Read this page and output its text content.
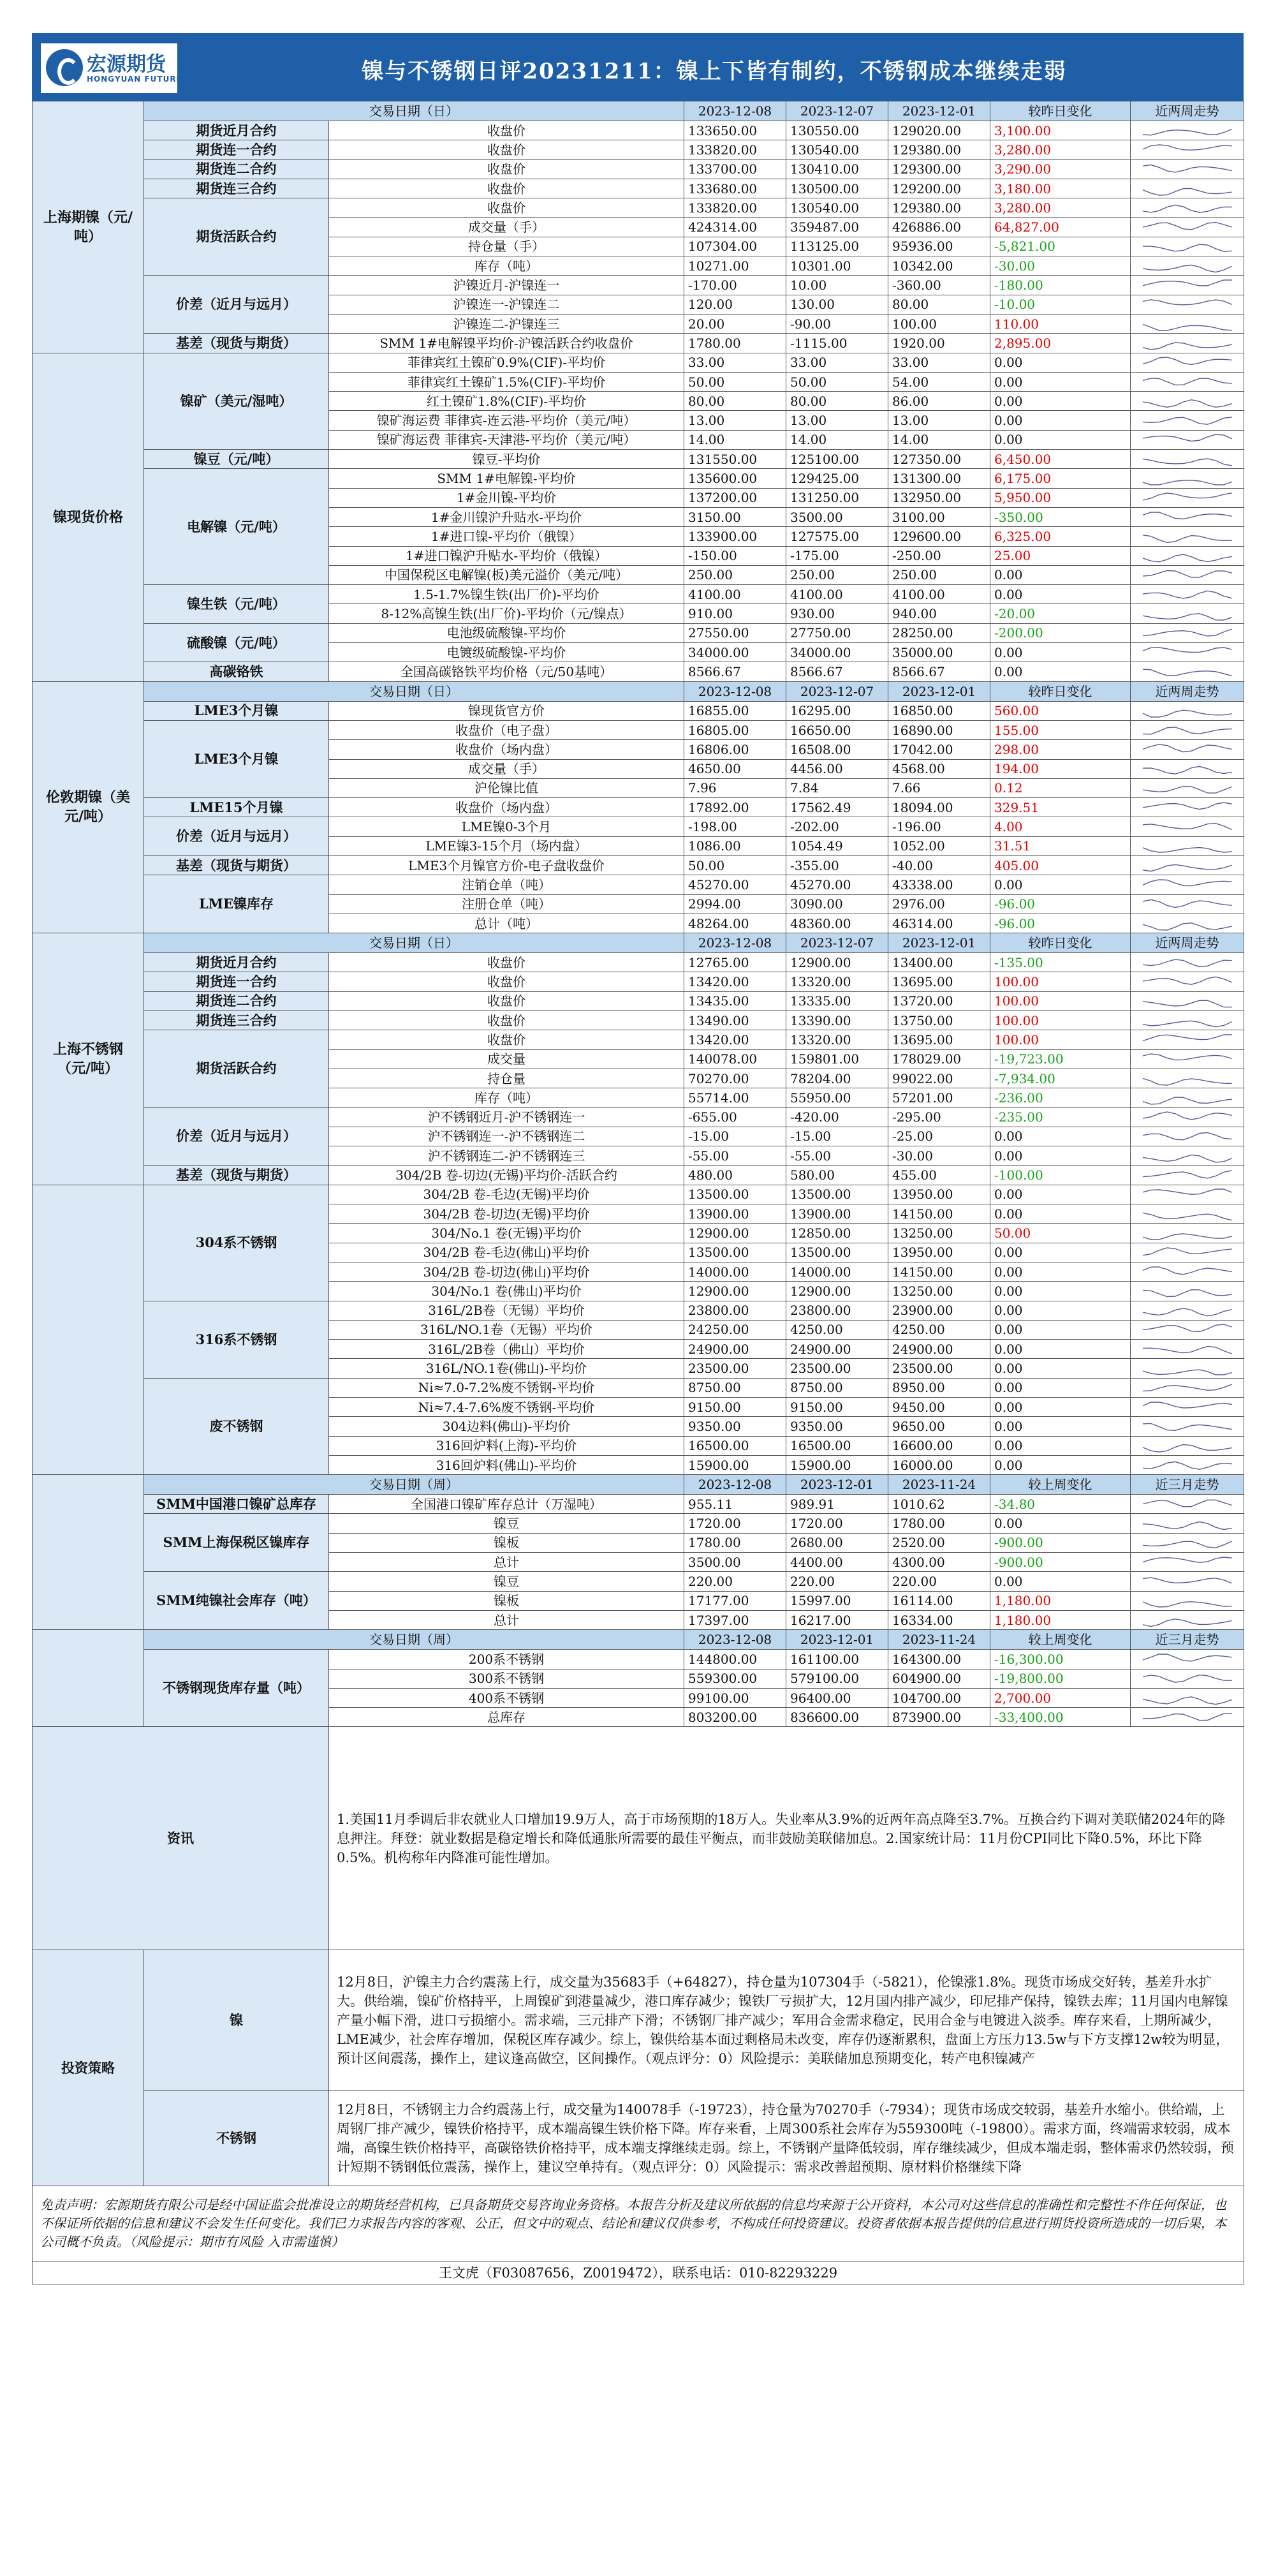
宏源期货
HONGYUAN FUTURES	镍与不锈钢日评20231211：镍上下皆有制约，不锈钢成本继续走弱
上海期镍（元/吨）	交易日期（日）		2023-12-08	2023-12-07	2023-12-01	较昨日变化	近两周走势
	期货近月合约	收盘价	133650.00	130550.00	129020.00	3,100.00	

	期货连一合约	收盘价	133820.00	130540.00	129380.00	3,280.00	

	期货连二合约	收盘价	133700.00	130410.00	129300.00	3,290.00	

	期货连三合约	收盘价	133680.00	130500.00	129200.00	3,180.00	

	期货活跃合约	收盘价	133820.00	130540.00	129380.00	3,280.00	

		成交量（手）	424314.00	359487.00	426886.00	64,827.00	

		持仓量（手）	107304.00	113125.00	95936.00	-5,821.00	

		库存（吨）	10271.00	10301.00	10342.00	-30.00	

	价差（近月与远月）	沪镍近月-沪镍连一	-170.00	10.00	-360.00	-180.00	

		沪镍连一-沪镍连二	120.00	130.00	80.00	-10.00	

		沪镍连二-沪镍连三	20.00	-90.00	100.00	110.00	

	基差（现货与期货）	SMM 1#电解镍平均价-沪镍活跃合约收盘价	1780.00	-1115.00	1920.00	2,895.00	

镍现货价格	镍矿（美元/湿吨）	菲律宾红土镍矿0.9%(CIF)-平均价	33.00	33.00	33.00	0.00	

		菲律宾红土镍矿1.5%(CIF)-平均价	50.00	50.00	54.00	0.00	

		红土镍矿1.8%(CIF)-平均价	80.00	80.00	86.00	0.00	

		镍矿海运费 菲律宾-连云港-平均价（美元/吨）	13.00	13.00	13.00	0.00	

		镍矿海运费 菲律宾-天津港-平均价（美元/吨）	14.00	14.00	14.00	0.00	

	镍豆（元/吨）	镍豆-平均价	131550.00	125100.00	127350.00	6,450.00	

	电解镍（元/吨）	SMM 1#电解镍-平均价	135600.00	129425.00	131300.00	6,175.00	

		1#金川镍-平均价	137200.00	131250.00	132950.00	5,950.00	

		1#金川镍沪升贴水-平均价	3150.00	3500.00	3100.00	-350.00	

		1#进口镍-平均价（俄镍）	133900.00	127575.00	129600.00	6,325.00	

		1#进口镍沪升贴水-平均价（俄镍）	-150.00	-175.00	-250.00	25.00	

		中国保税区电解镍(板)美元溢价（美元/吨）	250.00	250.00	250.00	0.00	

	镍生铁（元/吨）	1.5-1.7%镍生铁(出厂价)-平均价	4100.00	4100.00	4100.00	0.00	

		8-12%高镍生铁(出厂价)-平均价（元/镍点）	910.00	930.00	940.00	-20.00	

	硫酸镍（元/吨）	电池级硫酸镍-平均价	27550.00	27750.00	28250.00	-200.00	

		电镀级硫酸镍-平均价	34000.00	34000.00	35000.00	0.00	

	高碳铬铁	全国高碳铬铁平均价格（元/50基吨）	8566.67	8566.67	8566.67	0.00	

伦敦期镍（美元/吨）	交易日期（日）		2023-12-08	2023-12-07	2023-12-01	较昨日变化	近两周走势
	LME3个月镍	镍现货官方价	16855.00	16295.00	16850.00	560.00	

	LME3个月镍	收盘价（电子盘）	16805.00	16650.00	16890.00	155.00	

		收盘价（场内盘）	16806.00	16508.00	17042.00	298.00	

		成交量（手）	4650.00	4456.00	4568.00	194.00	

		沪伦镍比值	7.96	7.84	7.66	0.12	

	LME15个月镍	收盘价（场内盘）	17892.00	17562.49	18094.00	329.51	

	价差（近月与远月）	LME镍0-3个月	-198.00	-202.00	-196.00	4.00	

		LME镍3-15个月（场内盘）	1086.00	1054.49	1052.00	31.51	

	基差（现货与期货）	LME3个月镍官方价-电子盘收盘价	50.00	-355.00	-40.00	405.00	

	LME镍库存	注销仓单（吨）	45270.00	45270.00	43338.00	0.00	

		注册仓单（吨）	2994.00	3090.00	2976.00	-96.00	

		总计（吨）	48264.00	48360.00	46314.00	-96.00	

上海不锈钢（元/吨）	交易日期（日）		2023-12-08	2023-12-07	2023-12-01	较昨日变化	近两周走势
	期货近月合约	收盘价	12765.00	12900.00	13400.00	-135.00	

	期货连一合约	收盘价	13420.00	13320.00	13695.00	100.00	

	期货连二合约	收盘价	13435.00	13335.00	13720.00	100.00	

	期货连三合约	收盘价	13490.00	13390.00	13750.00	100.00	

	期货活跃合约	收盘价	13420.00	13320.00	13695.00	100.00	

		成交量	140078.00	159801.00	178029.00	-19,723.00	

		持仓量	70270.00	78204.00	99022.00	-7,934.00	

		库存（吨）	55714.00	55950.00	57201.00	-236.00	

	价差（近月与远月）	沪不锈钢近月-沪不锈钢连一	-655.00	-420.00	-295.00	-235.00	

		沪不锈钢连一-沪不锈钢连二	-15.00	-15.00	-25.00	0.00	

		沪不锈钢连二-沪不锈钢连三	-55.00	-55.00	-30.00	0.00	

	基差（现货与期货）	304/2B 卷-切边(无锡)平均价-活跃合约	480.00	580.00	455.00	-100.00	

	304系不锈钢	304/2B 卷-毛边(无锡)平均价	13500.00	13500.00	13950.00	0.00	

		304/2B 卷-切边(无锡)平均价	13900.00	13900.00	14150.00	0.00	

		304/No.1 卷(无锡)平均价	12900.00	12850.00	13250.00	50.00	

		304/2B 卷-毛边(佛山)平均价	13500.00	13500.00	13950.00	0.00	

		304/2B 卷-切边(佛山)平均价	14000.00	14000.00	14150.00	0.00	

		304/No.1 卷(佛山)平均价	12900.00	12900.00	13250.00	0.00	

	316系不锈钢	316L/2B卷（无锡）平均价	23800.00	23800.00	23900.00	0.00	

		316L/NO.1卷（无锡）平均价	24250.00	4250.00	4250.00	0.00	

		316L/2B卷（佛山）平均价	24900.00	24900.00	24900.00	0.00	

		316L/NO.1卷(佛山)-平均价	23500.00	23500.00	23500.00	0.00	

	废不锈钢	Ni≈7.0-7.2%废不锈钢-平均价	8750.00	8750.00	8950.00	0.00	

		Ni≈7.4-7.6%废不锈钢-平均价	9150.00	9150.00	9450.00	0.00	

		304边料(佛山)-平均价	9350.00	9350.00	9650.00	0.00	

		316回炉料(上海)-平均价	16500.00	16500.00	16600.00	0.00	

		316回炉料(佛山)-平均价	15900.00	15900.00	16000.00	0.00	

	交易日期（周）		2023-12-08	2023-12-01	2023-11-24	较上周变化	近三月走势
	SMM中国港口镍矿总库存	全国港口镍矿库存总计（万湿吨）	955.11	989.91	1010.62	-34.80	

	SMM上海保税区镍库存	镍豆	1720.00	1720.00	1780.00	0.00	

		镍板	1780.00	2680.00	2520.00	-900.00	

		总计	3500.00	4400.00	4300.00	-900.00	

	SMM纯镍社会库存（吨）	镍豆	220.00	220.00	220.00	0.00	

		镍板	17177.00	15997.00	16114.00	1,180.00	

		总计	17397.00	16217.00	16334.00	1,180.00	

	交易日期（周）		2023-12-08	2023-12-01	2023-11-24	较上周变化	近三月走势
	不锈钢现货库存量（吨）	200系不锈钢	144800.00	161100.00	164300.00	-16,300.00	

		300系不锈钢	559300.00	579100.00	604900.00	-19,800.00	

		400系不锈钢	99100.00	96400.00	104700.00	2,700.00	

		总库存	803200.00	836600.00	873900.00	-33,400.00	

资讯		1.美国11月季调后非农就业人口增加19.9万人，高于市场预期的18万人。失业率从3.9%的近两年高点降至3.7%。互换合约下调对美联储2024年的降息押注。拜登：就业数据是稳定增长和降低通胀所需要的最佳平衡点，而非鼓励美联储加息。2.国家统计局：11月份CPI同比下降0.5%，环比下降0.5%。机构称年内降准可能性增加。					
投资策略	镍	12月8日，沪镍主力合约震荡上行，成交量为35683手（+64827），持仓量为107304手（-5821），伦镍涨1.8%。现货市场成交好转，基差升水扩大。供给端，镍矿价格持平，上周镍矿到港量减少，港口库存减少；镍铁厂亏损扩大，12月国内排产减少，印尼排产保持，镍铁去库；11月国内电解镍产量小幅下滑，进口亏损缩小。需求端，三元排产下滑；不锈钢厂排产减少；军用合金需求稳定，民用合金与电镀进入淡季。库存来看，上期所减少，LME减少，社会库存增加，保税区库存减少。综上，镍供给基本面过剩格局未改变，库存仍逐渐累积，盘面上方压力13.5w与下方支撑12w较为明显，预计区间震荡，操作上，建议逢高做空，区间操作。（观点评分：0）风险提示：美联储加息预期变化，转产电积镍减产					
	不锈钢	12月8日，不锈钢主力合约震荡上行，成交量为140078手（-19723），持仓量为70270手（-7934）；现货市场成交较弱，基差升水缩小。供给端，上周钢厂排产减少，镍铁价格持平，成本端高镍生铁价格下降。库存来看，上周300系社会库存为559300吨（-19800）。需求方面，终端需求较弱，成本端，高镍生铁价格持平，高碳铬铁价格持平，成本端支撑继续走弱。综上，不锈钢产量降低较弱，库存继续减少，但成本端走弱，整体需求仍然较弱，预计短期不锈钢低位震荡，操作上，建议空单持有。（观点评分：0）风险提示：需求改善超预期、原材料价格继续下降					
免责声明：宏源期货有限公司是经中国证监会批准设立的期货经营机构，已具备期货交易咨询业务资格。本报告分析及建议所依据的信息均来源于公开资料，本公司对这些信息的准确性和完整性不作任何保证，也不保证所依据的信息和建议不会发生任何变化。我们已力求报告内容的客观、公正，但文中的观点、结论和建议仅供参考，不构成任何投资建议。投资者依据本报告提供的信息进行期货投资所造成的一切后果，本公司概不负责。（风险提示：期市有风险 入市需谨慎）							
王文虎（F03087656，Z0019472），联系电话：010-82293229							
